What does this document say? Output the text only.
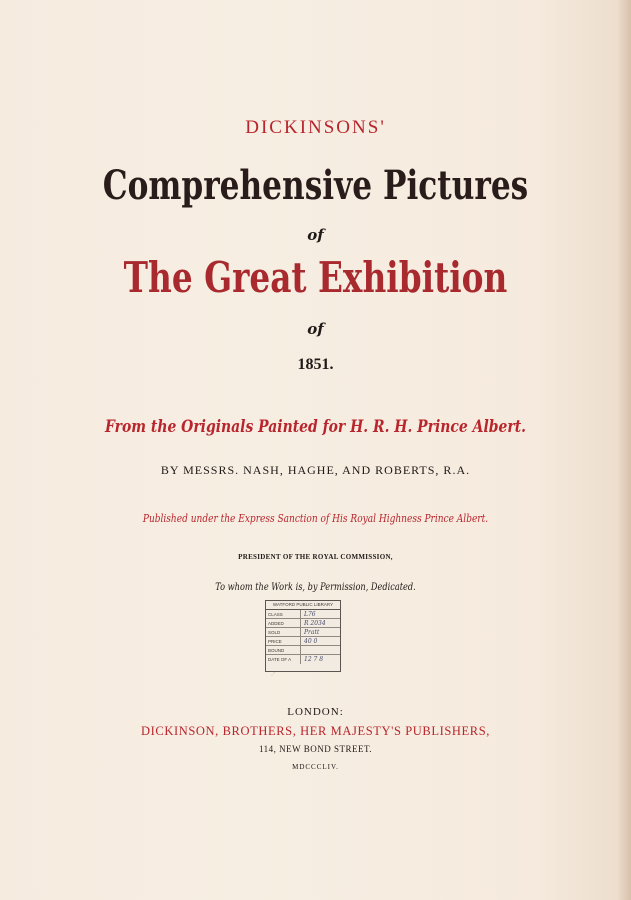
DICKINSONS'
Comprehensive Pictures
of
The Great Exhibition
of
1851.
From the Originals Painted for H. R. H. Prince Albert.
BY MESSRS. NASH, HAGHE, AND ROBERTS, R.A.
Published under the Express Sanction of His Royal Highness Prince Albert.
PRESIDENT OF THE ROYAL COMMISSION,
To whom the Work is, by Permission, Dedicated.
WATFORD PUBLIC LIBRARY
CLASS	L76
ADDED	R 2034
SOLD	Pratt
PRICE	40 0
BOUND
DATE OF A	12 7 8
·´
LONDON:
DICKINSON, BROTHERS, HER MAJESTY'S PUBLISHERS,
114, NEW BOND STREET.
MDCCCLIV.
